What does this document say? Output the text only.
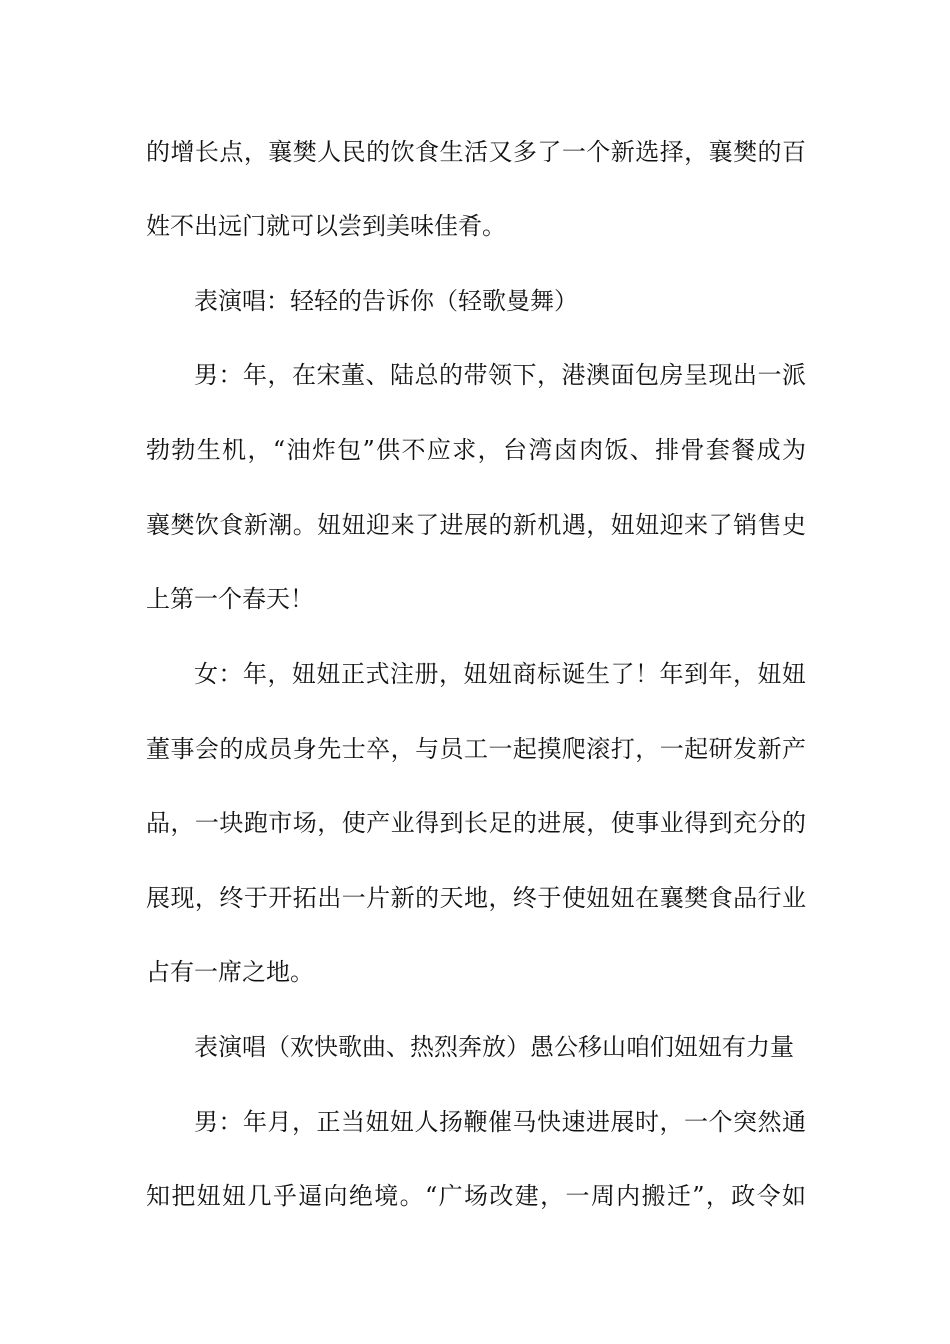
的增长点，襄樊人民的饮食生活又多了一个新选择，襄樊的百
姓不出远门就可以尝到美味佳肴。
表演唱：轻轻的告诉你（轻歌曼舞）
男：年，在宋董、陆总的带领下，港澳面包房呈现出一派
勃勃生机，“油炸包”供不应求，台湾卤肉饭、排骨套餐成为
襄樊饮食新潮。妞妞迎来了进展的新机遇，妞妞迎来了销售史
上第一个春天！
女：年，妞妞正式注册，妞妞商标诞生了！年到年，妞妞
董事会的成员身先士卒，与员工一起摸爬滚打，一起研发新产
品，一块跑市场，使产业得到长足的进展，使事业得到充分的
展现，终于开拓出一片新的天地，终于使妞妞在襄樊食品行业
占有一席之地。
表演唱（欢快歌曲、热烈奔放）愚公移山咱们妞妞有力量
男：年月，正当妞妞人扬鞭催马快速进展时，一个突然通
知把妞妞几乎逼向绝境。“广场改建，一周内搬迁”，政令如
